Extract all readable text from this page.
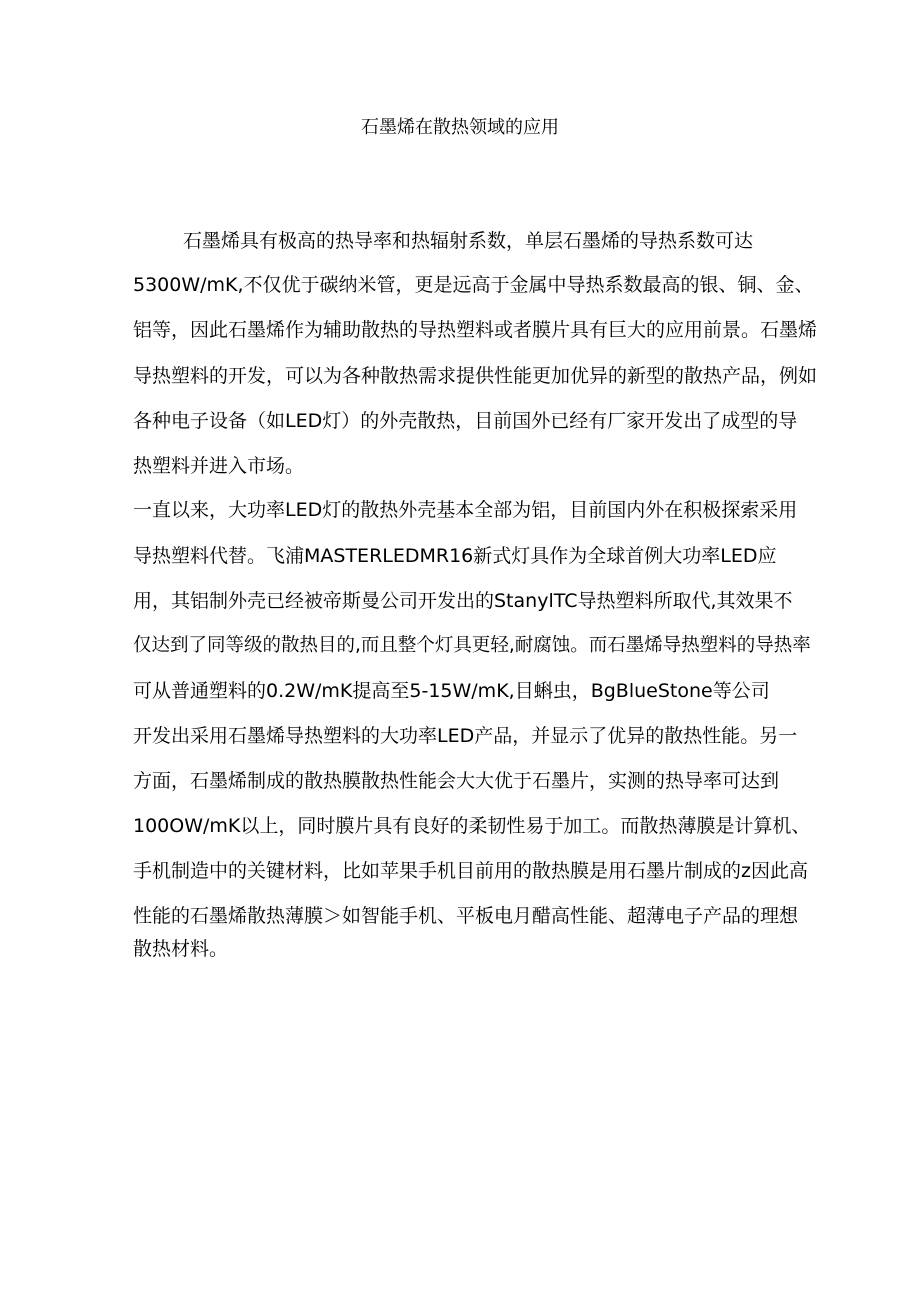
石墨烯在散热领域的应用

石墨烯具有极高的热导率和热辐射系数，单层石墨烯的导热系数可达

5300W/mK,不仅优于碳纳米管，更是远高于金属中导热系数最高的银、铜、金、

铝等，因此石墨烯作为辅助散热的导热塑料或者膜片具有巨大的应用前景。石墨烯

导热塑料的开发，可以为各种散热需求提供性能更加优异的新型的散热产品，例如

各种电子设备（如LED灯）的外壳散热，目前国外已经有厂家开发出了成型的导

热塑料并进入市场。

一直以来，大功率LED灯的散热外壳基本全部为铝，目前国内外在积极探索采用

导热塑料代替。飞浦MASTERLEDMR16新式灯具作为全球首例大功率LED应

用，其铝制外壳已经被帝斯曼公司开发出的StanylTC导热塑料所取代,其效果不

仅达到了同等级的散热目的,而且整个灯具更轻,耐腐蚀。而石墨烯导热塑料的导热率

可从普通塑料的0.2W/mK提高至5-15W/mK,目蝌虫，BgBlueStone等公司

开发出采用石墨烯导热塑料的大功率LED产品，并显示了优异的散热性能。另一

方面，石墨烯制成的散热膜散热性能会大大优于石墨片，实测的热导率可达到

100OW/mK以上，同时膜片具有良好的柔韧性易于加工。而散热薄膜是计算机、

手机制造中的关键材料，比如苹果手机目前用的散热膜是用石墨片制成的z因此高

性能的石墨烯散热薄膜＞如智能手机、平板电月醋高性能、超薄电子产品的理想

散热材料。
